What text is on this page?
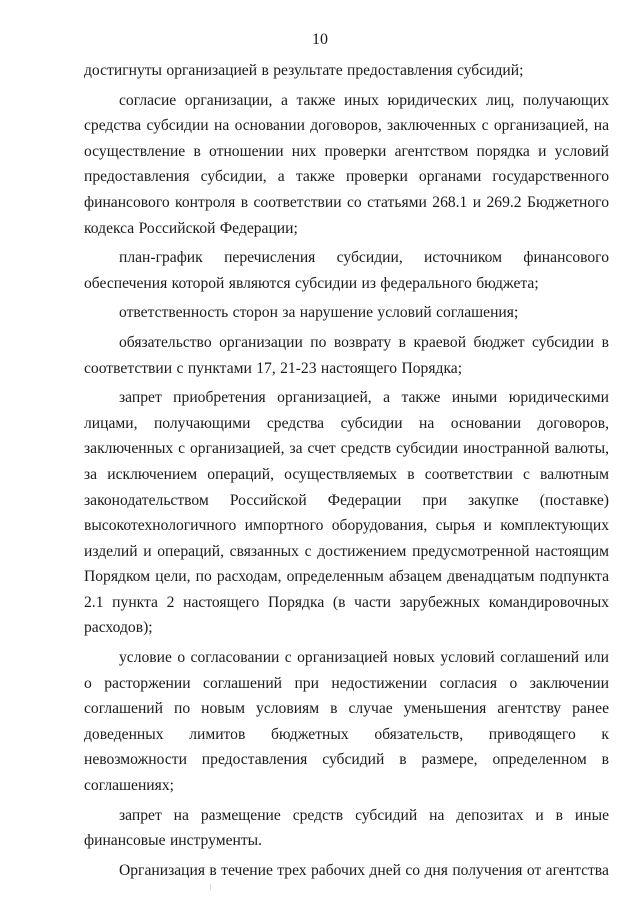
10

достигнуты организацией в результате предоставления субсидий;

согласие организации, а также иных юридических лиц, получающих средства субсидии на основании договоров, заключенных с организацией, на осуществление в отношении них проверки агентством порядка и условий предоставления субсидии, а также проверки органами государственного финансового контроля в соответствии со статьями 268.1 и 269.2 Бюджетного кодекса Российской Федерации;

план-график перечисления субсидии, источником финансового обеспечения которой являются субсидии из федерального бюджета;

ответственность сторон за нарушение условий соглашения;

обязательство организации по возврату в краевой бюджет субсидии в соответствии с пунктами 17, 21-23 настоящего Порядка;

запрет приобретения организацией, а также иными юридическими лицами, получающими средства субсидии на основании договоров, заключенных с организацией, за счет средств субсидии иностранной валюты, за исключением операций, осуществляемых в соответствии с валютным законодательством Российской Федерации при закупке (поставке) высокотехнологичного импортного оборудования, сырья и комплектующих изделий и операций, связанных с достижением предусмотренной настоящим Порядком цели, по расходам, определенным абзацем двенадцатым подпункта 2.1 пункта 2 настоящего Порядка (в части зарубежных командировочных расходов);

условие о согласовании с организацией новых условий соглашений или о расторжении соглашений при недостижении согласия о заключении соглашений по новым условиям в случае уменьшения агентству ранее доведенных лимитов бюджетных обязательств, приводящего к невозможности предоставления субсидий в размере, определенном в соглашениях;

запрет на размещение средств субсидий на депозитах и в иные финансовые инструменты.

Организация в течение трех рабочих дней со дня получения от агентства
